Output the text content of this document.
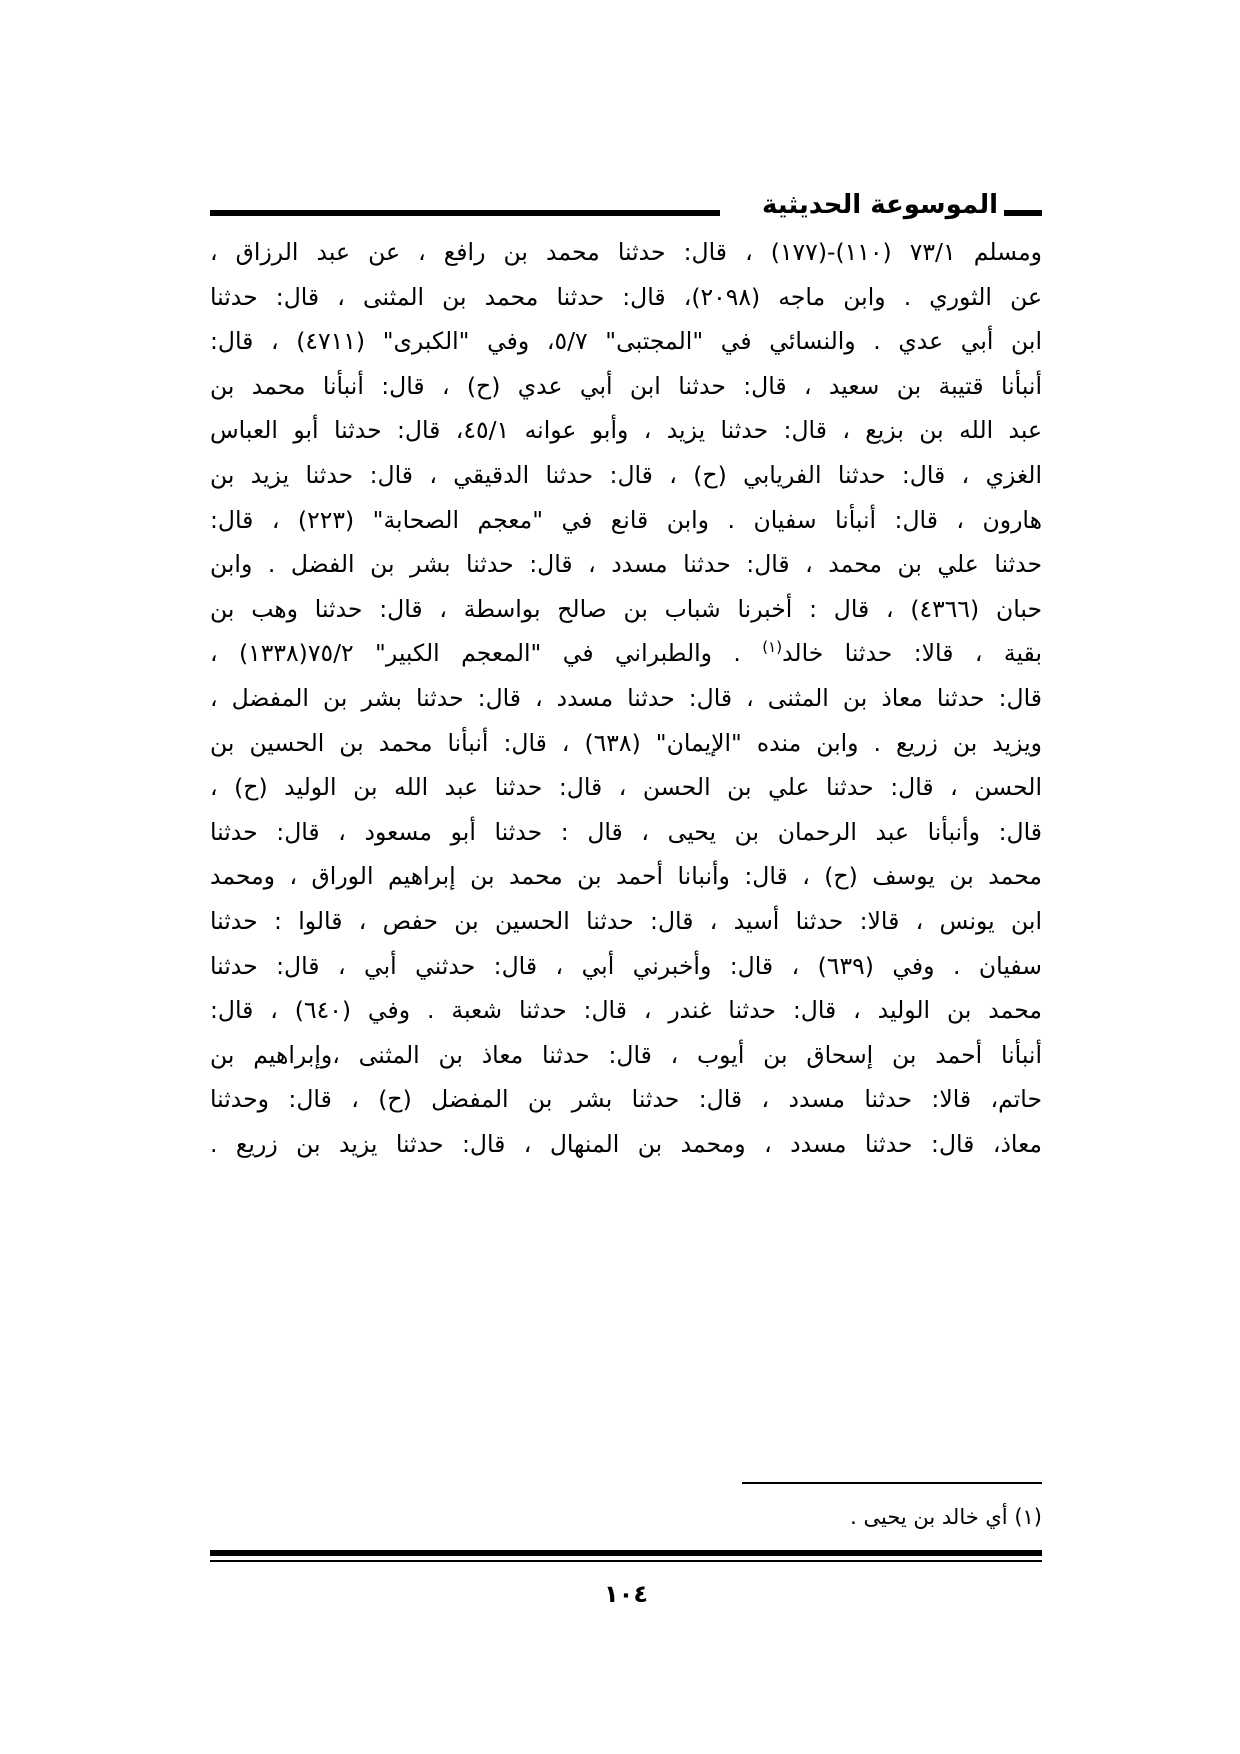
الموسوعة الحديثية
ومسلم ٧٣/١ (١١٠)-(١٧٧) ، قال: حدثنا محمد بن رافع ، عن عبد الرزاق ،
عن الثوري . وابن ماجه (٢٠٩٨)، قال: حدثنا محمد بن المثنى ، قال: حدثنا
ابن أبي عدي . والنسائي في "المجتبى" ٥/٧، وفي "الكبرى" (٤٧١١) ، قال:
أنبأنا قتيبة بن سعيد ، قال: حدثنا ابن أبي عدي (ح) ، قال: أنبأنا محمد بن
عبد الله بن بزيع ، قال: حدثنا يزيد ، وأبو عوانه ٤٥/١، قال: حدثنا أبو العباس
الغزي ، قال: حدثنا الفريابي (ح) ، قال: حدثنا الدقيقي ، قال: حدثنا يزيد بن
هارون ، قال: أنبأنا سفيان . وابن قانع في "معجم الصحابة" (٢٢٣) ، قال:
حدثنا علي بن محمد ، قال: حدثنا مسدد ، قال: حدثنا بشر بن الفضل . وابن
حبان (٤٣٦٦) ، قال : أخبرنا شباب بن صالح بواسطة ، قال: حدثنا وهب بن
بقية ، قالا: حدثنا خالد$^{(١)}$ . والطبراني في "المعجم الكبير" ٧٥/٢(١٣٣٨) ،
قال: حدثنا معاذ بن المثنى ، قال: حدثنا مسدد ، قال: حدثنا بشر بن المفضل ،
ويزيد بن زريع . وابن منده "الإيمان" (٦٣٨) ، قال: أنبأنا محمد بن الحسين بن
الحسن ، قال: حدثنا علي بن الحسن ، قال: حدثنا عبد الله بن الوليد (ح) ،
قال: وأنبأنا عبد الرحمان بن يحيى ، قال : حدثنا أبو مسعود ، قال: حدثنا
محمد بن يوسف (ح) ، قال: وأنبانا أحمد بن محمد بن إبراهيم الوراق ، ومحمد
ابن يونس ، قالا: حدثنا أسيد ، قال: حدثنا الحسين بن حفص ، قالوا : حدثنا
سفيان . وفي (٦٣٩) ، قال: وأخبرني أبي ، قال: حدثني أبي ، قال: حدثنا
محمد بن الوليد ، قال: حدثنا غندر ، قال: حدثنا شعبة . وفي (٦٤٠) ، قال:
أنبأنا أحمد بن إسحاق بن أيوب ، قال: حدثنا معاذ بن المثنى ،وإبراهيم بن
حاتم، قالا: حدثنا مسدد ، قال: حدثنا بشر بن المفضل (ح) ، قال: وحدثنا
معاذ، قال: حدثنا مسدد ، ومحمد بن المنهال ، قال: حدثنا يزيد بن زريع .
(١) أي خالد بن يحيى .
١٠٤
